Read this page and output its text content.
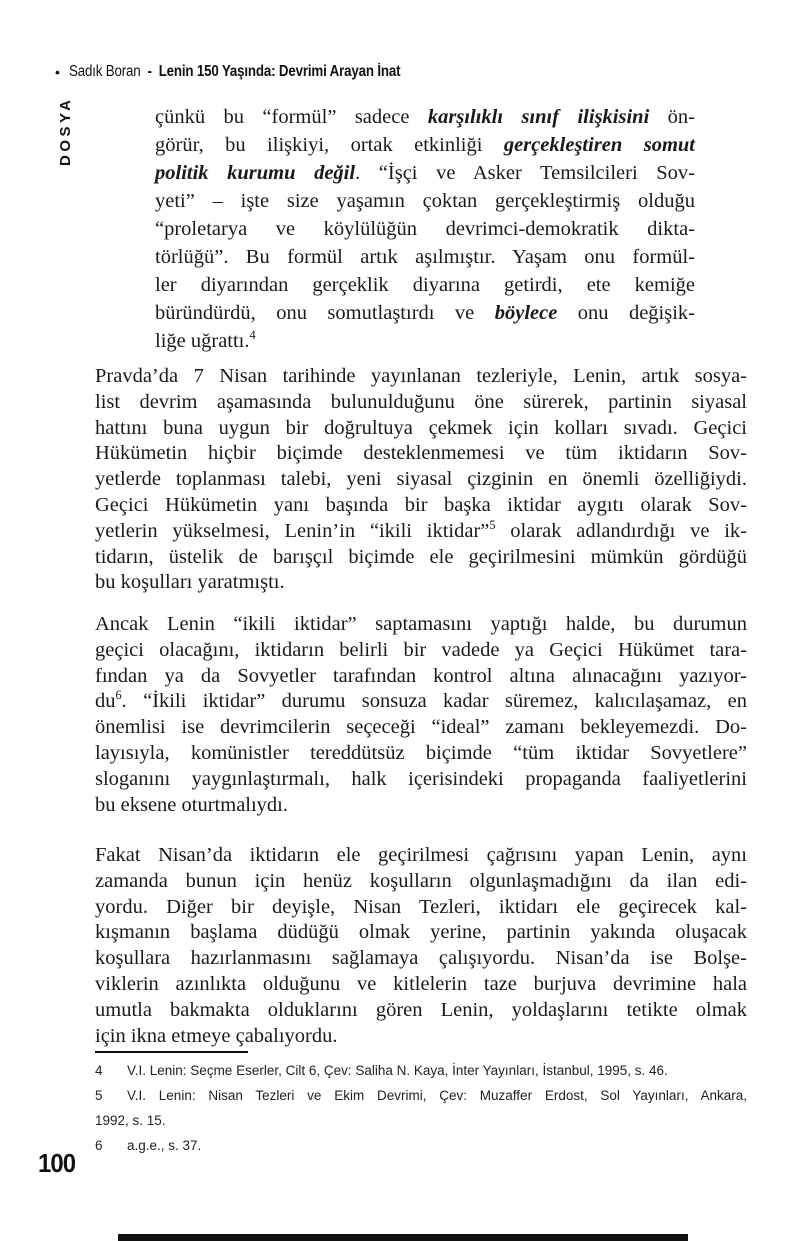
• Sadık Boran - Lenin 150 Yaşında: Devrimi Arayan İnat
DOSYA	çünkü bu “formül” sadece karşılıklı sınıf ilişkisini ön-
görür, bu ilişkiyi, ortak etkinliği gerçekleştiren somut
politik kurumu değil. “İşçi ve Asker Temsilcileri Sov-
yeti” – işte size yaşamın çoktan gerçekleştirmiş olduğu
“proletarya ve köylülüğün devrimci-demokratik dikta-
törlüğü”. Bu formül artık aşılmıştır. Yaşam onu formül-
ler diyarından gerçeklik diyarına getirdi, ete kemiğe
büründürdü, onu somutlaştırdı ve böylece onu değişik-
liğe uğrattı.$^4$
Pravda’da 7 Nisan tarihinde yayınlanan tezleriyle, Lenin, artık sosya-
list devrim aşamasında bulunulduğunu öne sürerek, partinin siyasal
hattını buna uygun bir doğrultuya çekmek için kolları sıvadı. Geçici
Hükümetin hiçbir biçimde desteklenmemesi ve tüm iktidarın Sov-
yetlerde toplanması talebi, yeni siyasal çizginin en önemli özelliğiydi.
Geçici Hükümetin yanı başında bir başka iktidar aygıtı olarak Sov-
yetlerin yükselmesi, Lenin’in “ikili iktidar”$^5$ olarak adlandırdığı ve ik-
tidarın, üstelik de barışçıl biçimde ele geçirilmesini mümkün gördüğü
bu koşulları yaratmıştı.
Ancak Lenin “ikili iktidar” saptamasını yaptığı halde, bu durumun
geçici olacağını, iktidarın belirli bir vadede ya Geçici Hükümet tara-
fından ya da Sovyetler tarafından kontrol altına alınacağını yazıyor-
$du^6$. “İkili iktidar” durumu sonsuza kadar süremez, kalıcılaşamaz, en
önemlisi ise devrimcilerin seçeceği “ideal” zamanı bekleyemezdi. Do-
layısıyla, komünistler tereddütsüz biçimde “tüm iktidar Sovyetlere”
sloganını yaygınlaştırmalı, halk içerisindeki propaganda faaliyetlerini
bu eksene oturtmalıydı.
Fakat Nisan’da iktidarın ele geçirilmesi çağrısını yapan Lenin, aynı
zamanda bunun için henüz koşulların olgunlaşmadığını da ilan edi-
yordu. Diğer bir deyişle, Nisan Tezleri, iktidarı ele geçirecek kal-
kışmanın başlama düdüğü olmak yerine, partinin yakında oluşacak
koşullara hazırlanmasını sağlamaya çalışıyordu. Nisan’da ise Bolşe-
viklerin azınlıkta olduğunu ve kitlelerin taze burjuva devrimine hala
umutla bakmakta olduklarını gören Lenin, yoldaşlarını tetikte olmak
için ikna etmeye çabalıyordu.
4 V.I. Lenin: Seçme Eserler, Cilt 6, Çev: Saliha N. Kaya, İnter Yayınları, İstanbul, 1995, s. 46.
5 V.I. Lenin: Nisan Tezleri ve Ekim Devrimi, Çev: Muzaffer Erdost, Sol Yayınları, Ankara,
1992, s. 15.
6 a.g.e., s. 37.
100
